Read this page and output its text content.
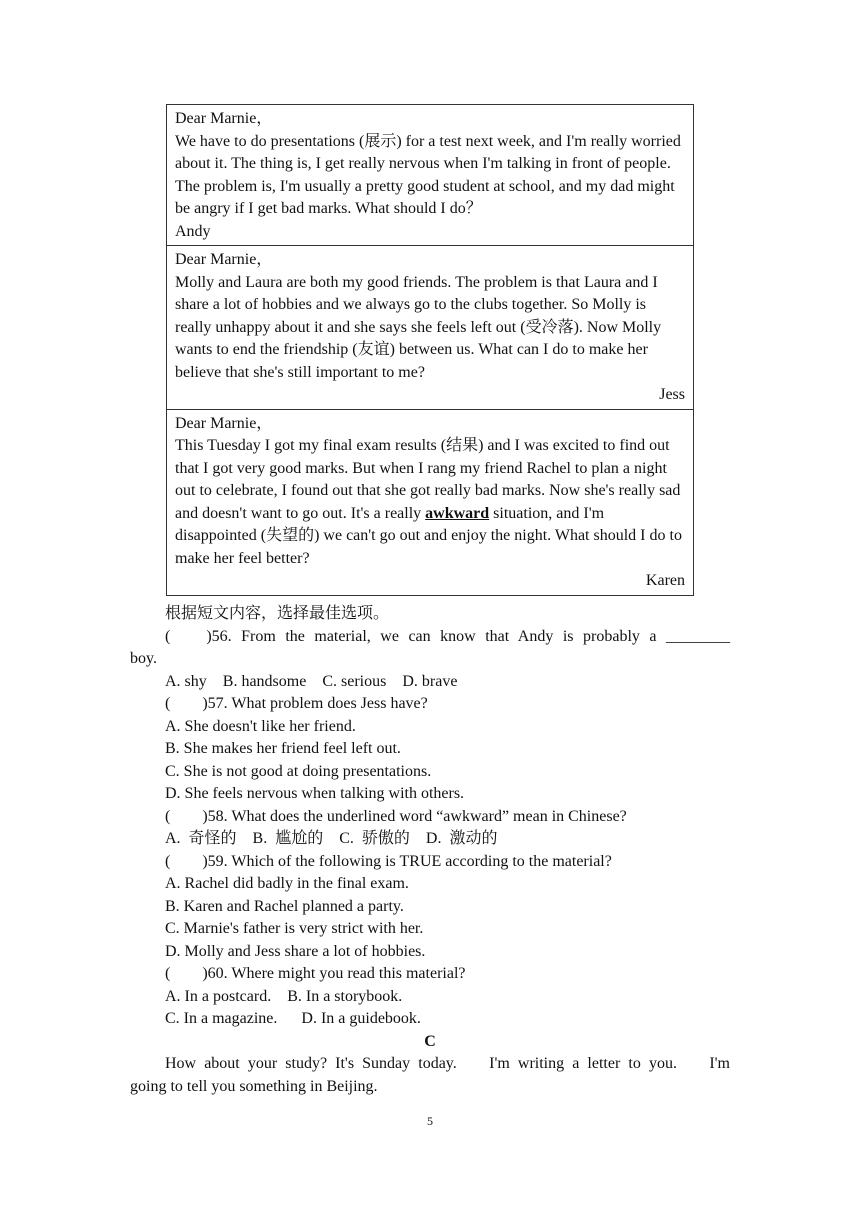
Dear Marnie，
We have to do presentations (展示) for a test next week, and I'm really worried about it. The thing is, I get really nervous when I'm talking in front of people. The problem is, I'm usually a pretty good student at school, and my dad might be angry if I get bad marks. What should I do？
Andy
Dear Marnie，
Molly and Laura are both my good friends. The problem is that Laura and I share a lot of hobbies and we always go to the clubs together. So Molly is really unhappy about it and she says she feels left out (受冷落). Now Molly wants to end the friendship (友谊) between us. What can I do to make her believe that she's still important to me?
Jess
Dear Marnie，
This Tuesday I got my final exam results (结果) and I was excited to find out that I got very good marks. But when I rang my friend Rachel to plan a night out to celebrate, I found out that she got really bad marks. Now she's really sad and doesn't want to go out. It's a really awkward situation, and I'm disappointed (失望的) we can't go out and enjoy the night. What should I do to make her feel better?
Karen

根据短文内容，选择最佳选项。

( )56. From the material, we can know that Andy is probably a ________

boy.

A. shy    B. handsome    C. serious    D. brave

(        )57. What problem does Jess have?

A. She doesn't like her friend.

B. She makes her friend feel left out.

C. She is not good at doing presentations.

D. She feels nervous when talking with others.

(        )58. What does the underlined word “awkward” mean in Chinese?

A.  奇怪的    B.  尴尬的    C.  骄傲的    D.  激动的

(        )59. Which of the following is TRUE according to the material?

A. Rachel did badly in the final exam.

B. Karen and Rachel planned a party.

C. Marnie's father is very strict with her.

D. Molly and Jess share a lot of hobbies.

(        )60. Where might you read this material?

A. In a postcard.    B. In a storybook.

C. In a magazine.      D. In a guidebook.

C

How about your study? It's Sunday today.    I'm writing a letter to you.    I'm

going to tell you something in Beijing.

5
